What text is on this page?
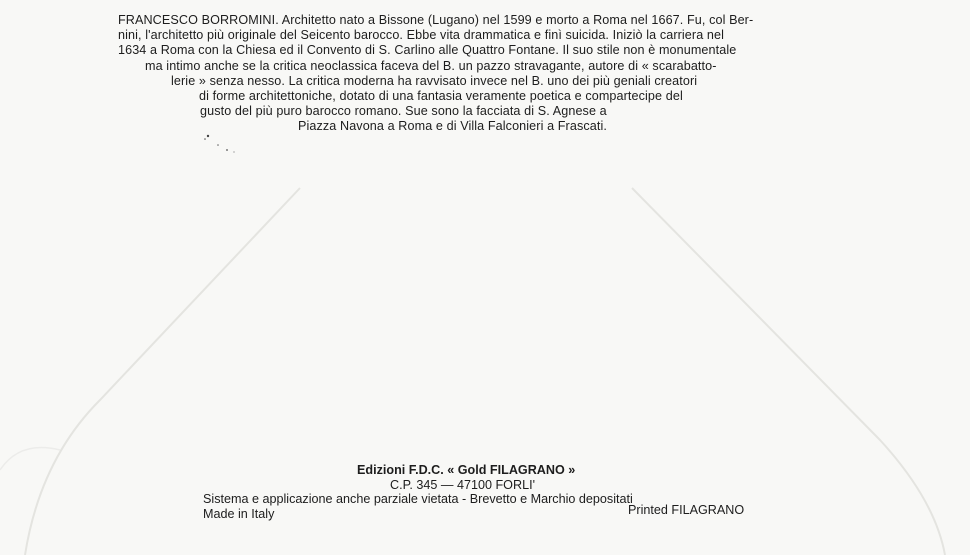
FRANCESCO BORROMINI. Architetto nato a Bissone (Lugano) nel 1599 e morto a Roma nel 1667. Fu, col Ber-
nini, l'architetto più originale del Seicento barocco. Ebbe vita drammatica e finì suicida. Iniziò la carriera nel
1634 a Roma con la Chiesa ed il Convento di S. Carlino alle Quattro Fontane. Il suo stile non è monumentale
ma intimo anche se la critica neoclassica faceva del B. un pazzo stravagante, autore di « scarabatto-
lerie » senza nesso. La critica moderna ha ravvisato invece nel B. uno dei più geniali creatori
di forme architettoniche, dotato di una fantasia veramente poetica e compartecipe del
gusto del più puro barocco romano. Sue sono la facciata di S. Agnese a
Piazza Navona a Roma e di Villa Falconieri a Frascati.
Edizioni F.D.C. « Gold FILAGRANO »
C.P. 345 — 47100 FORLI'
Sistema e applicazione anche parziale vietata - Brevetto e Marchio depositati
Made in Italy	Printed FILAGRANO
